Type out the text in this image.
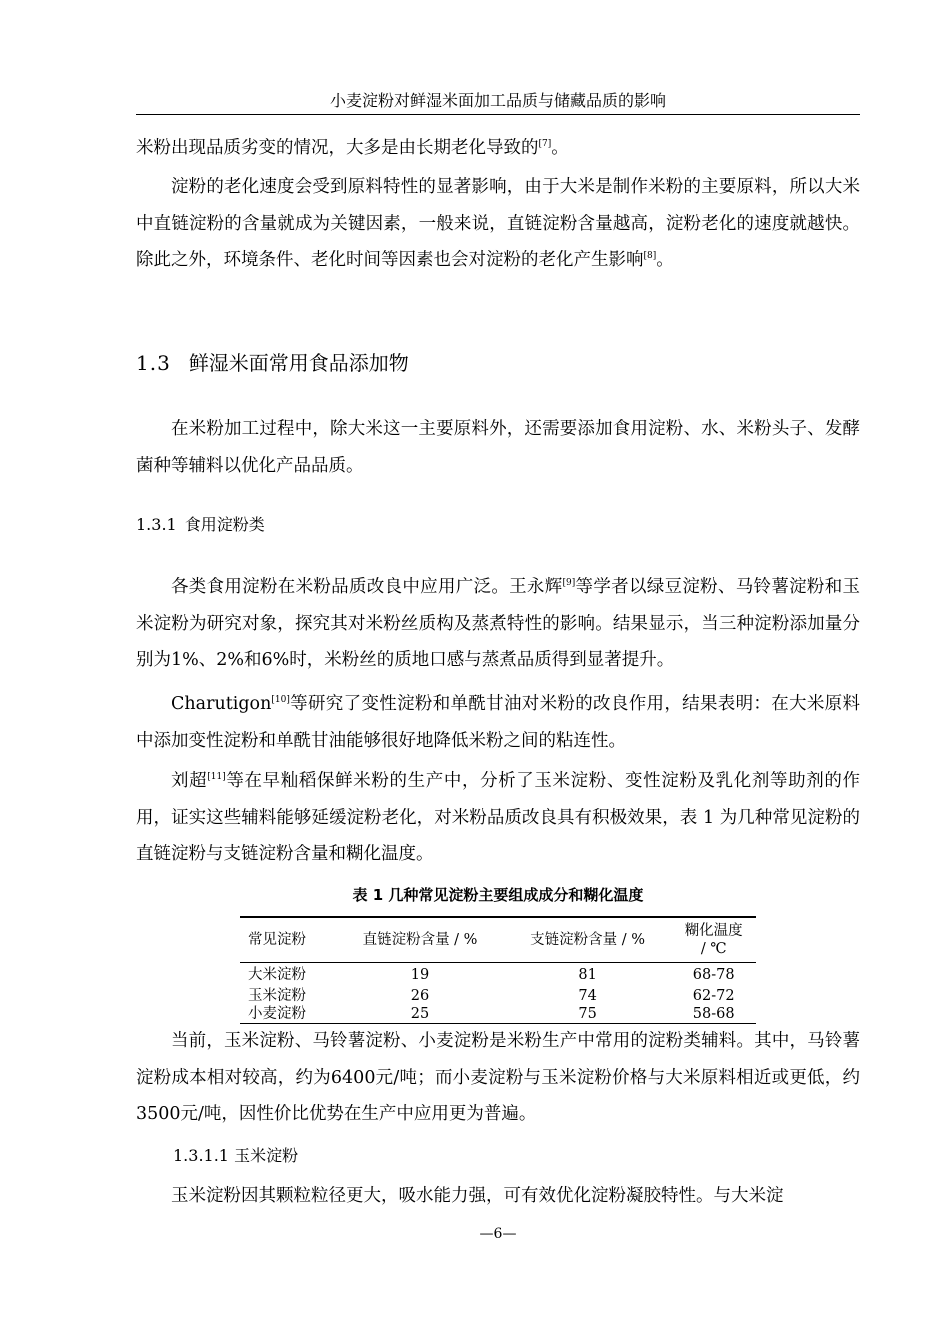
小麦淀粉对鲜湿米面加工品质与储藏品质的影响

米粉出现品质劣变的情况，大多是由长期老化导致的[7]。

淀粉的老化速度会受到原料特性的显著影响，由于大米是制作米粉的主要原料，所以大米中直链淀粉的含量就成为关键因素，一般来说，直链淀粉含量越高，淀粉老化的速度就越快。除此之外，环境条件、老化时间等因素也会对淀粉的老化产生影响[8]。

1.3 鲜湿米面常用食品添加物

在米粉加工过程中，除大米这一主要原料外，还需要添加食用淀粉、水、米粉头子、发酵菌种等辅料以优化产品品质。

1.3.1 食用淀粉类

各类食用淀粉在米粉品质改良中应用广泛。王永辉[9]等学者以绿豆淀粉、马铃薯淀粉和玉米淀粉为研究对象，探究其对米粉丝质构及蒸煮特性的影响。结果显示，当三种淀粉添加量分别为1%、2%和6%时，米粉丝的质地口感与蒸煮品质得到显著提升。

Charutigon[10]等研究了变性淀粉和单酰甘油对米粉的改良作用，结果表明：在大米原料中添加变性淀粉和单酰甘油能够很好地降低米粉之间的粘连性。

刘超[11]等在早籼稻保鲜米粉的生产中，分析了玉米淀粉、变性淀粉及乳化剂等助剂的作用，证实这些辅料能够延缓淀粉老化，对米粉品质改良具有积极效果，表 1 为几种常见淀粉的直链淀粉与支链淀粉含量和糊化温度。

表 1 几种常见淀粉主要组成成分和糊化温度
常见淀粉	直链淀粉含量 / %	支链淀粉含量 / %	糊化温度
/ ℃
大米淀粉	19	81	68-78
玉米淀粉	26	74	62-72
小麦淀粉	25	75	58-68

当前，玉米淀粉、马铃薯淀粉、小麦淀粉是米粉生产中常用的淀粉类辅料。其中，马铃薯淀粉成本相对较高，约为6400元/吨；而小麦淀粉与玉米淀粉价格与大米原料相近或更低，约3500元/吨，因性价比优势在生产中应用更为普遍。

1.3.1.1 玉米淀粉

玉米淀粉因其颗粒粒径更大，吸水能力强，可有效优化淀粉凝胶特性。与大米淀

—6—
